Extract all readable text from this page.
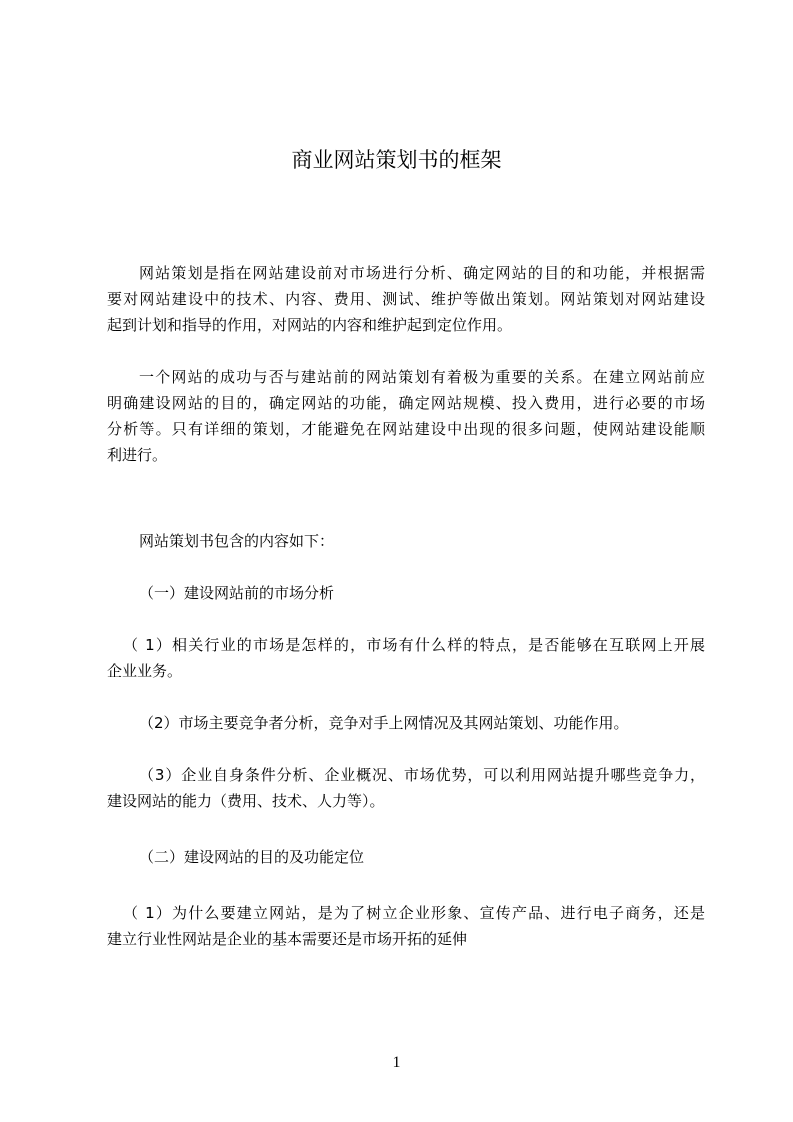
商业网站策划书的框架
网站策划是指在网站建设前对市场进行分析、确定网站的目的和功能，并根据需
要对网站建设中的技术、内容、费用、测试、维护等做出策划。网站策划对网站建设
起到计划和指导的作用，对网站的内容和维护起到定位作用。
一个网站的成功与否与建站前的网站策划有着极为重要的关系。在建立网站前应
明确建设网站的目的，确定网站的功能，确定网站规模、投入费用，进行必要的市场
分析等。只有详细的策划，才能避免在网站建设中出现的很多问题，使网站建设能顺
利进行。
网站策划书包含的内容如下：
（一）建设网站前的市场分析
（ 1）相关行业的市场是怎样的，市场有什么样的特点，是否能够在互联网上开展
企业业务。
（2）市场主要竞争者分析，竞争对手上网情况及其网站策划、功能作用。
（3）企业自身条件分析、企业概况、市场优势，可以利用网站提升哪些竞争力，
建设网站的能力（费用、技术、人力等）。
（二）建设网站的目的及功能定位
（ 1）为什么要建立网站，是为了树立企业形象、宣传产品、进行电子商务，还是
建立行业性网站是企业的基本需要还是市场开拓的延伸
1
